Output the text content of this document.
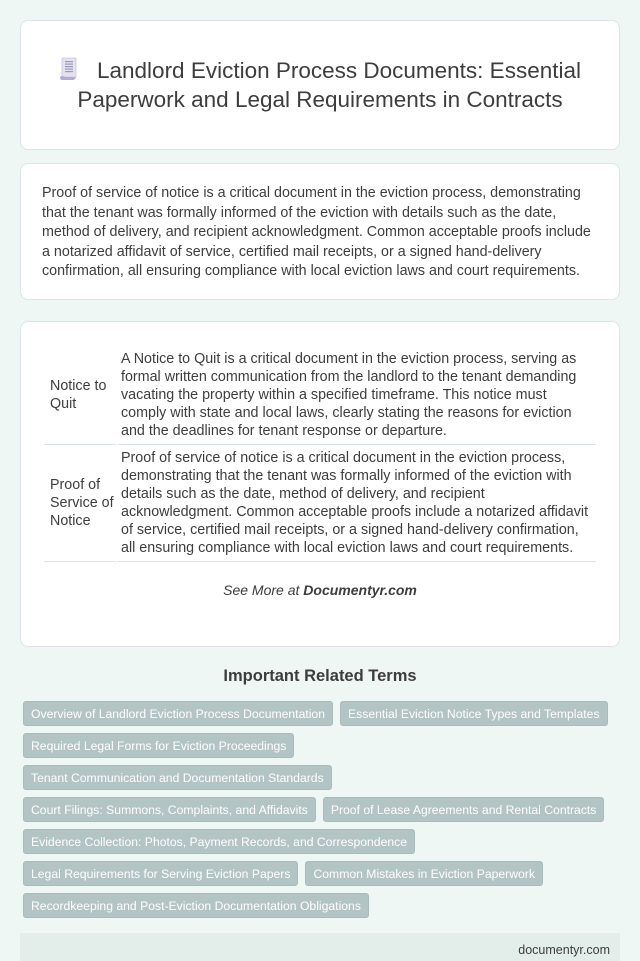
Landlord Eviction Process Documents: Essential Paperwork and Legal Requirements in Contracts

Proof of service of notice is a critical document in the eviction process, demonstrating that the tenant was formally informed of the eviction with details such as the date, method of delivery, and recipient acknowledgment. Common acceptable proofs include a notarized affidavit of service, certified mail receipts, or a signed hand-delivery confirmation, all ensuring compliance with local eviction laws and court requirements.

Notice to Quit	A Notice to Quit is a critical document in the eviction process, serving as formal written communication from the landlord to the tenant demanding vacating the property within a specified timeframe. This notice must comply with state and local laws, clearly stating the reasons for eviction and the deadlines for tenant response or departure.
Proof of Service of Notice	Proof of service of notice is a critical document in the eviction process, demonstrating that the tenant was formally informed of the eviction with details such as the date, method of delivery, and recipient acknowledgment. Common acceptable proofs include a notarized affidavit of service, certified mail receipts, or a signed hand-delivery confirmation, all ensuring compliance with local eviction laws and court requirements.

See More at Documentyr.com

Important Related Terms
Overview of Landlord Eviction Process Documentation	Essential Eviction Notice Types and Templates
Required Legal Forms for Eviction Proceedings
Tenant Communication and Documentation Standards
Court Filings: Summons, Complaints, and Affidavits	Proof of Lease Agreements and Rental Contracts
Evidence Collection: Photos, Payment Records, and Correspondence
Legal Requirements for Serving Eviction Papers	Common Mistakes in Eviction Paperwork
Recordkeeping and Post-Eviction Documentation Obligations
documentyr.com
